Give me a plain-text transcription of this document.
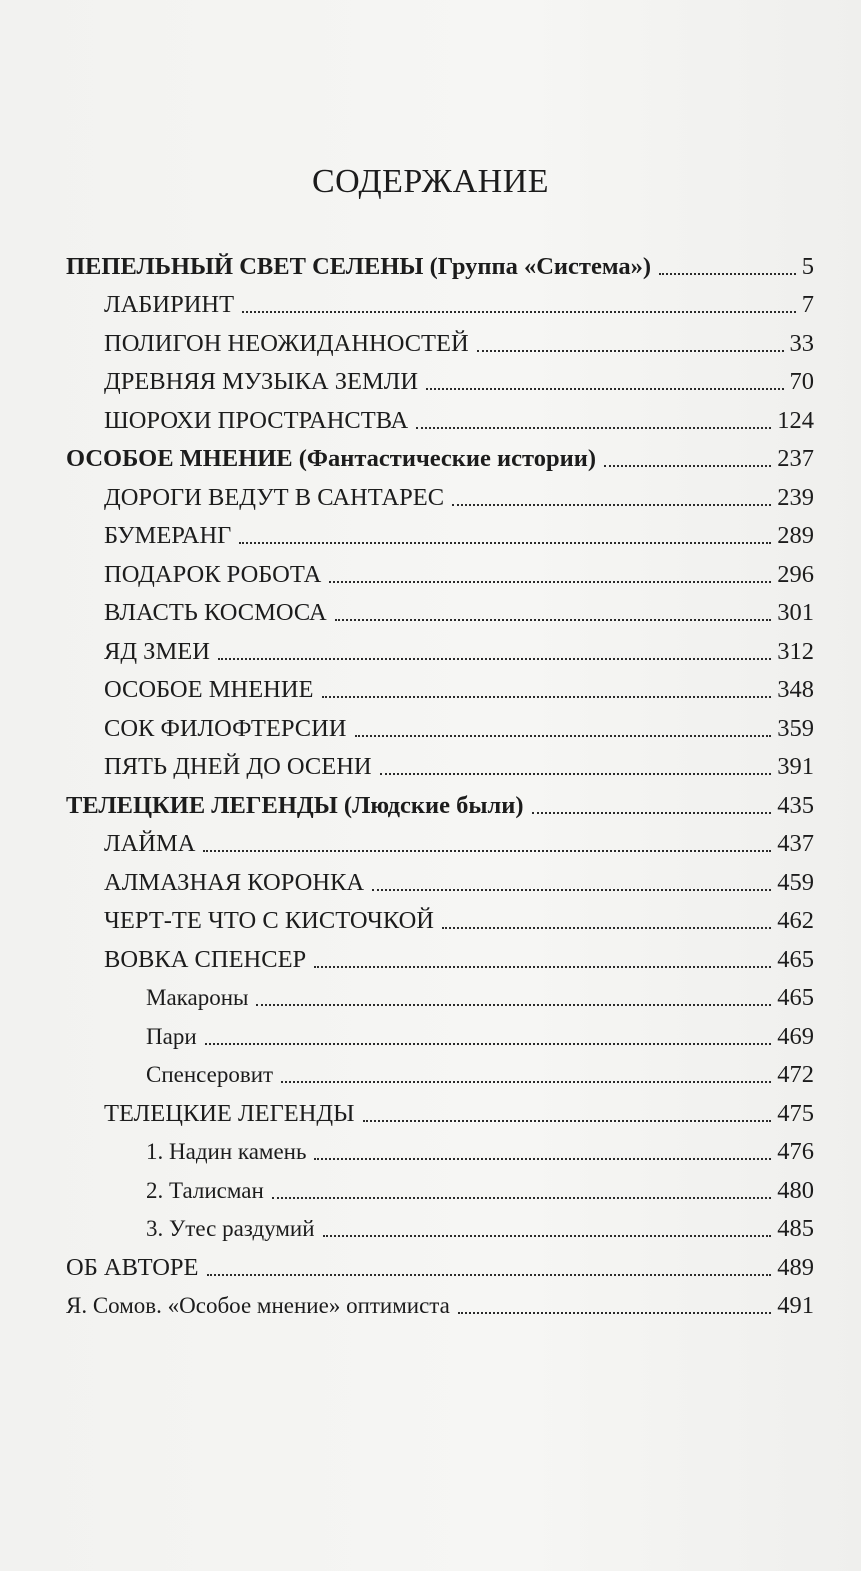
СОДЕРЖАНИЕ
ПЕПЕЛЬНЫЙ СВЕТ СЕЛЕНЫ (Группа «Система»)	5
ЛАБИРИНТ	7
ПОЛИГОН НЕОЖИДАННОСТЕЙ	33
ДРЕВНЯЯ МУЗЫКА ЗЕМЛИ	70
ШОРОХИ ПРОСТРАНСТВА	124
ОСОБОЕ МНЕНИЕ (Фантастические истории)	237
ДОРОГИ ВЕДУТ В САНТАРЕС	239
БУМЕРАНГ	289
ПОДАРОК РОБОТА	296
ВЛАСТЬ КОСМОСА	301
ЯД ЗМЕИ	312
ОСОБОЕ МНЕНИЕ	348
СОК ФИЛОФТЕРСИИ	359
ПЯТЬ ДНЕЙ ДО ОСЕНИ	391
ТЕЛЕЦКИЕ ЛЕГЕНДЫ (Людские были)	435
ЛАЙМА	437
АЛМАЗНАЯ КОРОНКА	459
ЧЕРТ-ТЕ ЧТО С КИСТОЧКОЙ	462
ВОВКА СПЕНСЕР	465
Макароны	465
Пари	469
Спенсеровит	472
ТЕЛЕЦКИЕ ЛЕГЕНДЫ	475
1. Надин камень	476
2. Талисман	480
3. Утес раздумий	485
ОБ АВТОРЕ	489
Я. Сомов. «Особое мнение» оптимиста	491
